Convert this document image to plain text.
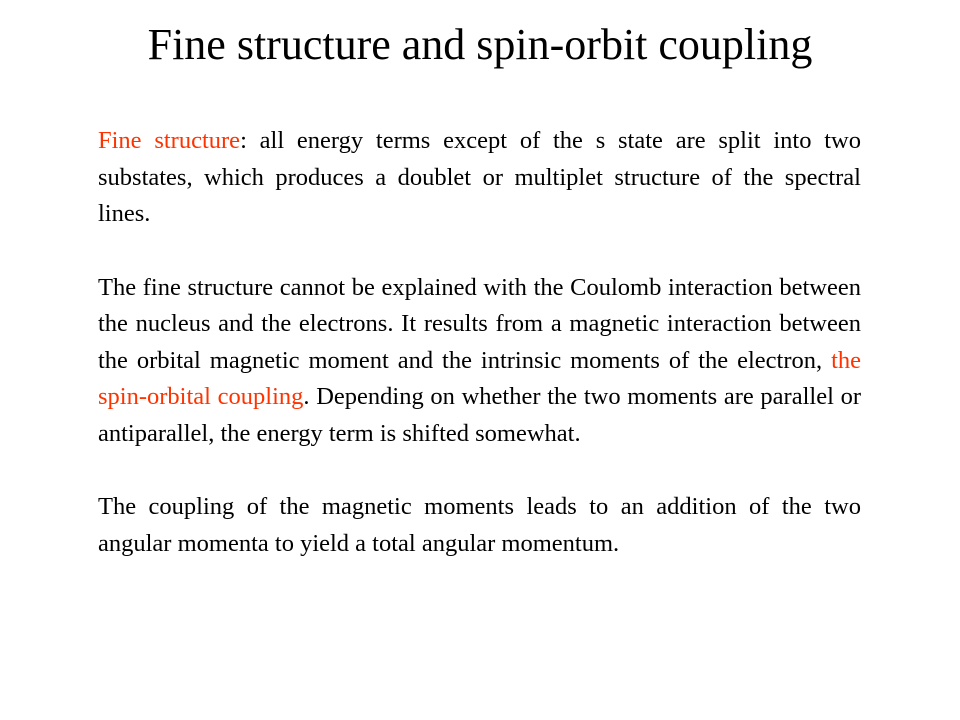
Fine structure and spin-orbit coupling

Fine structure: all energy terms except of the s state are split into two substates, which produces a doublet or multiplet structure of the spectral lines.

The fine structure cannot be explained with the Coulomb interaction between the nucleus and the electrons. It results from a magnetic interaction between the orbital magnetic moment and the intrinsic moments of the electron, the spin-orbital coupling. Depending on whether the two moments are parallel or antiparallel, the energy term is shifted somewhat.

The coupling of the magnetic moments leads to an addition of the two angular momenta to yield a total angular momentum.
